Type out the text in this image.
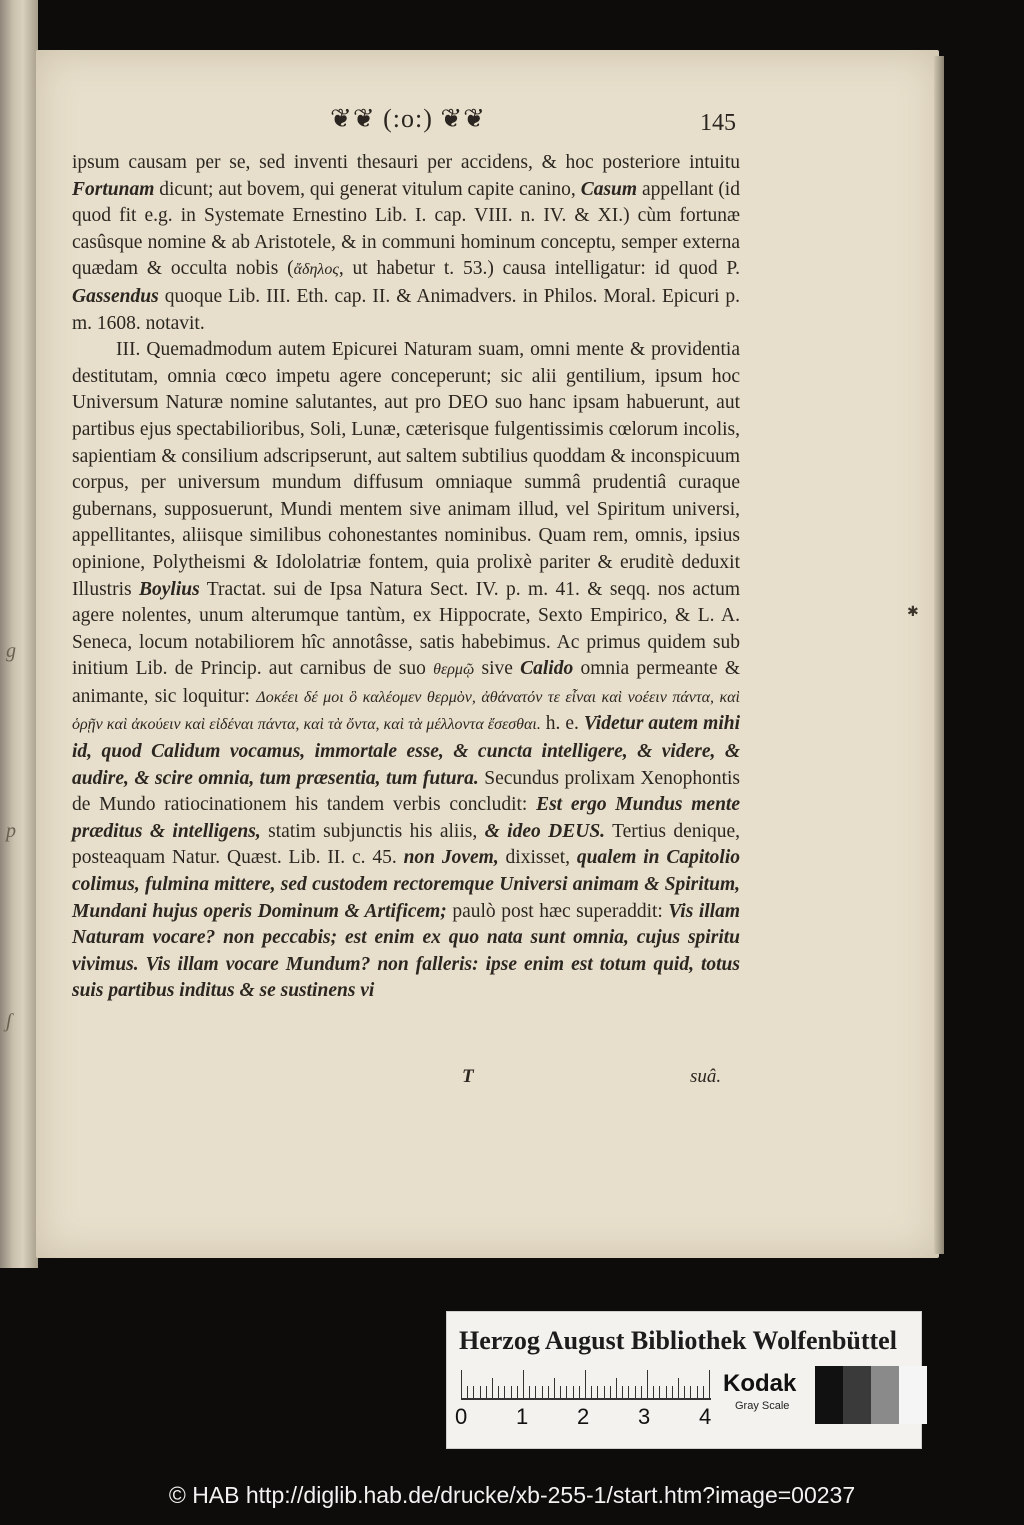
g
p
ʃ
❦❦ (:o:) ❦❦	145

ipsum causam per se, sed inventi thesauri per accidens, & hoc posteriore intuitu Fortunam dicunt; aut bovem, qui generat vitulum capite canino, Casum appellant (id quod fit e.g. in Systemate Ernestino Lib. I. cap. VIII. n. IV. & XI.) cùm fortunæ casûsque nomine & ab Aristotele, & in communi hominum conceptu, semper externa quædam & occulta nobis (ἄδηλος, ut habetur t. 53.) causa intelligatur: id quod P. Gassendus quoque Lib. III. Eth. cap. II. & Animadvers. in Philos. Moral. Epicuri p. m. 1608. notavit.

III. Quemadmodum autem Epicurei Naturam suam, omni mente & providentia destitutam, omnia cœco impetu agere conceperunt; sic alii gentilium, ipsum hoc Universum Naturæ nomine salutantes, aut pro DEO suo hanc ipsam habuerunt, aut partibus ejus spectabilioribus, Soli, Lunæ, cæterisque fulgentissimis cœlorum incolis, sapientiam & consilium adscripserunt, aut saltem subtilius quoddam & inconspicuum corpus, per universum mundum diffusum omniaque summâ prudentiâ curaque gubernans, supposuerunt, Mundi mentem sive animam illud, vel Spiritum universi, appellitantes, aliisque similibus cohonestantes nominibus. Quam rem, omnis, ipsius opinione, Polytheismi & Idololatriæ fontem, quia prolixè pariter & eruditè deduxit Illustris Boylius Tractat. sui de Ipsa Natura Sect. IV. p. m. 41. & seqq. nos actum agere nolentes, unum alterumque tantùm, ex Hippocrate, Sexto Empirico, & L. A. Seneca, locum notabiliorem hîc annotâsse, satis habebimus. Ac primus quidem sub initium Lib. de Princip. aut carnibus de suo θερμῷ sive Calido omnia permeante & animante, sic loquitur: Δοκέει δέ μοι ὃ καλέομεν θερμὸν, ἀθάνατόν τε εἶναι καὶ νοέειν πάντα, καὶ ὁρῇν καὶ ἀκούειν καὶ εἰδέναι πάντα, καὶ τὰ ὄντα, καὶ τὰ μέλλοντα ἔσεσθαι. h. e. Videtur autem mihi id, quod Calidum vocamus, immortale esse, & cuncta intelligere, & videre, & audire, & scire omnia, tum præsentia, tum futura. Secundus prolixam Xenophontis de Mundo ratiocinationem his tandem verbis concludit: Est ergo Mundus mente præditus & intelligens, statim subjunctis his aliis, & ideo DEUS. Tertius denique, posteaquam Natur. Quæst. Lib. II. c. 45. non Jovem, dixisset, qualem in Capitolio colimus, fulmina mittere, sed custodem rectoremque Universi animam & Spiritum, Mundani hujus operis Dominum & Artificem; paulò post hæc superaddit: Vis illam Naturam vocare? non peccabis; est enim ex quo nata sunt omnia, cujus spiritu vivimus. Vis illam vocare Mundum? non falleris: ipse enim est totum quid, totus suis partibus inditus & se sustinens vi

✱
T	suâ.
Herzog August Bibliothek Wolfenbüttel
0 1 2 3 4
Kodak
Gray Scale
© HAB http://diglib.hab.de/drucke/xb-255-1/start.htm?image=00237
